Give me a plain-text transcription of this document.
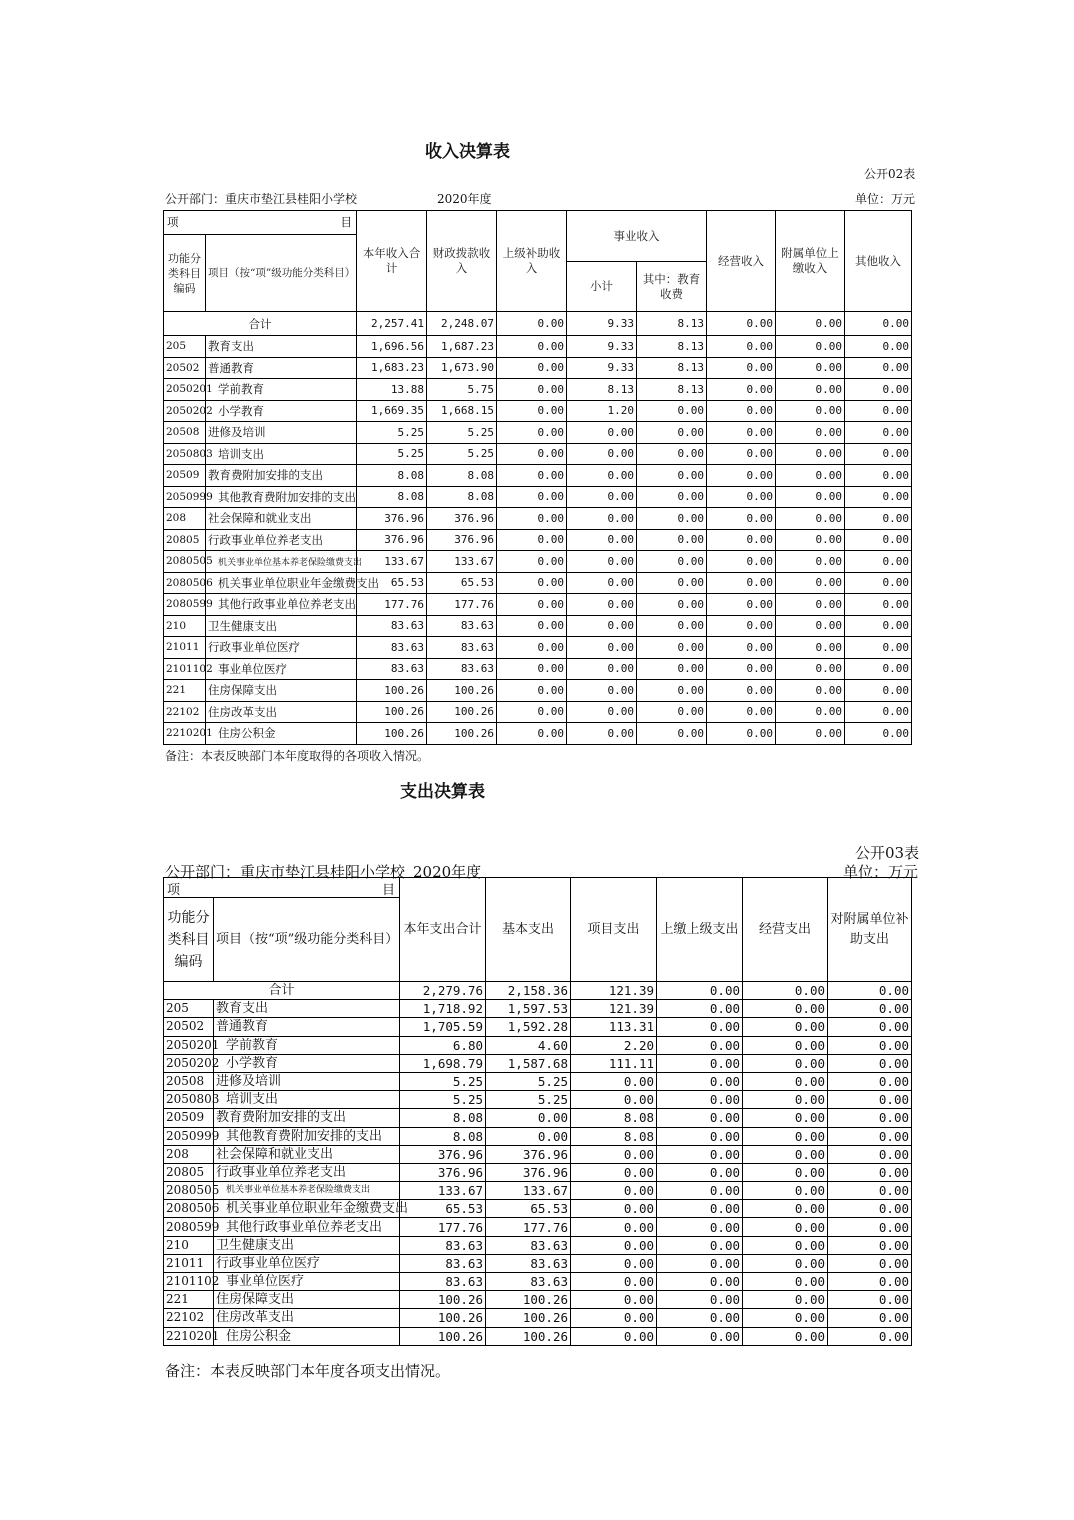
收入决算表
公开02表
公开部门：重庆市垫江县桂阳小学校	2020年度	单位：万元
项 目		本年收入合计	财政拨款收入	上级补助收入	事业收入		经营收入	附属单位上缴收入	其他收入
功能分类科目编码	项目（按“项”级功能分类科目）								
					小计	其中：教育收费			
合计		2,257.41	2,248.07	0.00	9.33	8.13	0.00	0.00	0.00
205	教育支出	1,696.56	1,687.23	0.00	9.33	8.13	0.00	0.00	0.00
20502	普通教育	1,683.23	1,673.90	0.00	9.33	8.13	0.00	0.00	0.00
2050201	学前教育	13.88	5.75	0.00	8.13	8.13	0.00	0.00	0.00
2050202	小学教育	1,669.35	1,668.15	0.00	1.20	0.00	0.00	0.00	0.00
20508	进修及培训	5.25	5.25	0.00	0.00	0.00	0.00	0.00	0.00
2050803	培训支出	5.25	5.25	0.00	0.00	0.00	0.00	0.00	0.00
20509	教育费附加安排的支出	8.08	8.08	0.00	0.00	0.00	0.00	0.00	0.00
2050999	其他教育费附加安排的支出	8.08	8.08	0.00	0.00	0.00	0.00	0.00	0.00
208	社会保障和就业支出	376.96	376.96	0.00	0.00	0.00	0.00	0.00	0.00
20805	行政事业单位养老支出	376.96	376.96	0.00	0.00	0.00	0.00	0.00	0.00
2080505	机关事业单位基本养老保险缴费支出	133.67	133.67	0.00	0.00	0.00	0.00	0.00	0.00
2080506	机关事业单位职业年金缴费支出	65.53	65.53	0.00	0.00	0.00	0.00	0.00	0.00
2080599	其他行政事业单位养老支出	177.76	177.76	0.00	0.00	0.00	0.00	0.00	0.00
210	卫生健康支出	83.63	83.63	0.00	0.00	0.00	0.00	0.00	0.00
21011	行政事业单位医疗	83.63	83.63	0.00	0.00	0.00	0.00	0.00	0.00
2101102	事业单位医疗	83.63	83.63	0.00	0.00	0.00	0.00	0.00	0.00
221	住房保障支出	100.26	100.26	0.00	0.00	0.00	0.00	0.00	0.00
22102	住房改革支出	100.26	100.26	0.00	0.00	0.00	0.00	0.00	0.00
2210201	住房公积金	100.26	100.26	0.00	0.00	0.00	0.00	0.00	0.00
备注：本表反映部门本年度取得的各项收入情况。
支出决算表
公开03表
公开部门：重庆市垫江县桂阳小学校 2020年度	单位：万元
项 目		本年支出合计	基本支出	项目支出	上缴上级支出	经营支出	对附属单位补助支出
功能分类科目编码	项目（按“项”级功能分类科目）						
合计		2,279.76	2,158.36	121.39	0.00	0.00	0.00
205	教育支出	1,718.92	1,597.53	121.39	0.00	0.00	0.00
20502	普通教育	1,705.59	1,592.28	113.31	0.00	0.00	0.00
2050201	学前教育	6.80	4.60	2.20	0.00	0.00	0.00
2050202	小学教育	1,698.79	1,587.68	111.11	0.00	0.00	0.00
20508	进修及培训	5.25	5.25	0.00	0.00	0.00	0.00
2050803	培训支出	5.25	5.25	0.00	0.00	0.00	0.00
20509	教育费附加安排的支出	8.08	0.00	8.08	0.00	0.00	0.00
2050999	其他教育费附加安排的支出	8.08	0.00	8.08	0.00	0.00	0.00
208	社会保障和就业支出	376.96	376.96	0.00	0.00	0.00	0.00
20805	行政事业单位养老支出	376.96	376.96	0.00	0.00	0.00	0.00
2080505	机关事业单位基本养老保险缴费支出	133.67	133.67	0.00	0.00	0.00	0.00
2080506	机关事业单位职业年金缴费支出	65.53	65.53	0.00	0.00	0.00	0.00
2080599	其他行政事业单位养老支出	177.76	177.76	0.00	0.00	0.00	0.00
210	卫生健康支出	83.63	83.63	0.00	0.00	0.00	0.00
21011	行政事业单位医疗	83.63	83.63	0.00	0.00	0.00	0.00
2101102	事业单位医疗	83.63	83.63	0.00	0.00	0.00	0.00
221	住房保障支出	100.26	100.26	0.00	0.00	0.00	0.00
22102	住房改革支出	100.26	100.26	0.00	0.00	0.00	0.00
2210201	住房公积金	100.26	100.26	0.00	0.00	0.00	0.00
备注：本表反映部门本年度各项支出情况。
